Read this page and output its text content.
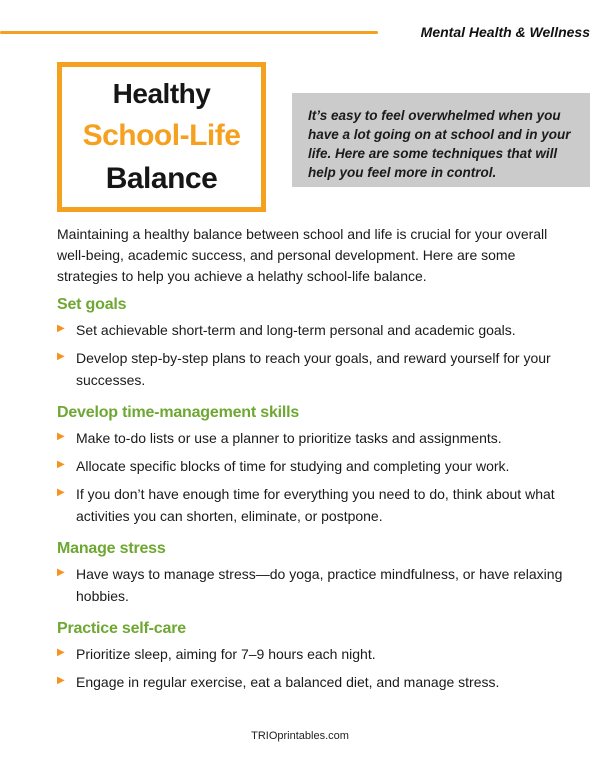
Mental Health & Wellness
Healthy
School-Life
Balance
It’s easy to feel overwhelmed when you have a lot going on at school and in your life. Here are some techniques that will help you feel more in control.

Maintaining a healthy balance between school and life is crucial for your overall well-being, academic success, and personal development. Here are some strategies to help you achieve a helathy school-life balance.

Set goals
▶ Set achievable short-term and long-term personal and academic goals.
▶ Develop step-by-step plans to reach your goals, and reward yourself for your successes.
Develop time-management skills
▶ Make to-do lists or use a planner to prioritize tasks and assignments.
▶ Allocate specific blocks of time for studying and completing your work.
▶ If you don’t have enough time for everything you need to do, think about what activities you can shorten, eliminate, or postpone.
Manage stress
▶ Have ways to manage stress—do yoga, practice mindfulness, or have relaxing hobbies.
Practice self-care
▶ Prioritize sleep, aiming for 7–9 hours each night.
▶ Engage in regular exercise, eat a balanced diet, and manage stress.
TRIOprintables.com
